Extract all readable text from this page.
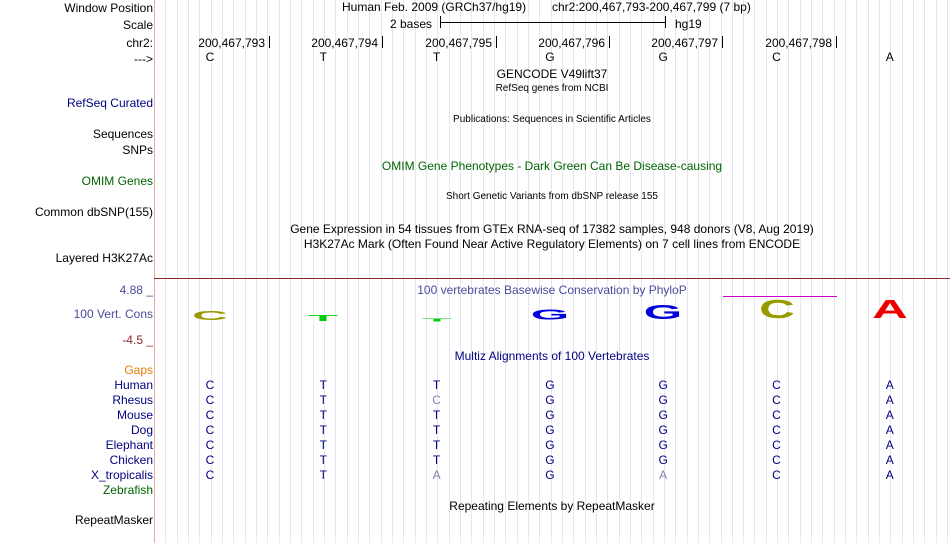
Window Position
Scale
chr2:
--->
Human Feb. 2009 (GRCh37/hg19) chr2:200,467,793-200,467,799 (7 bp)
2 bases	hg19
200,467,793	200,467,794	200,467,795	200,467,796	200,467,797	200,467,798
C	T	T	G	G	C	A
GENCODE V49lift37
RefSeq genes from NCBI
RefSeq Curated
Publications: Sequences in Scientific Articles
Sequences
SNPs
OMIM Gene Phenotypes - Dark Green Can Be Disease-causing
OMIM Genes
Short Genetic Variants from dbSNP release 155
Common dbSNP(155)
Gene Expression in 54 tissues from GTEx RNA-seq of 17382 samples, 948 donors (V8, Aug 2019)
H3K27Ac Mark (Often Found Near Active Regulatory Elements) on 7 cell lines from ENCODE
Layered H3K27Ac
100 vertebrates Basewise Conservation by PhyloP
4.88 _
100 Vert. Cons
-4.5 _
C	T	T	G	G	C	A
Multiz Alignments of 100 Vertebrates
Gaps
Human	C	T	T	G	G	C	A
Rhesus	C	T	C	G	G	C	A
Mouse	C	T	T	G	G	C	A
Dog	C	T	T	G	G	C	A
Elephant	C	T	T	G	G	C	A
Chicken	C	T	T	G	G	C	A
X_tropicalis	C	T	A	G	A	C	A
Zebrafish
Repeating Elements by RepeatMasker
RepeatMasker
